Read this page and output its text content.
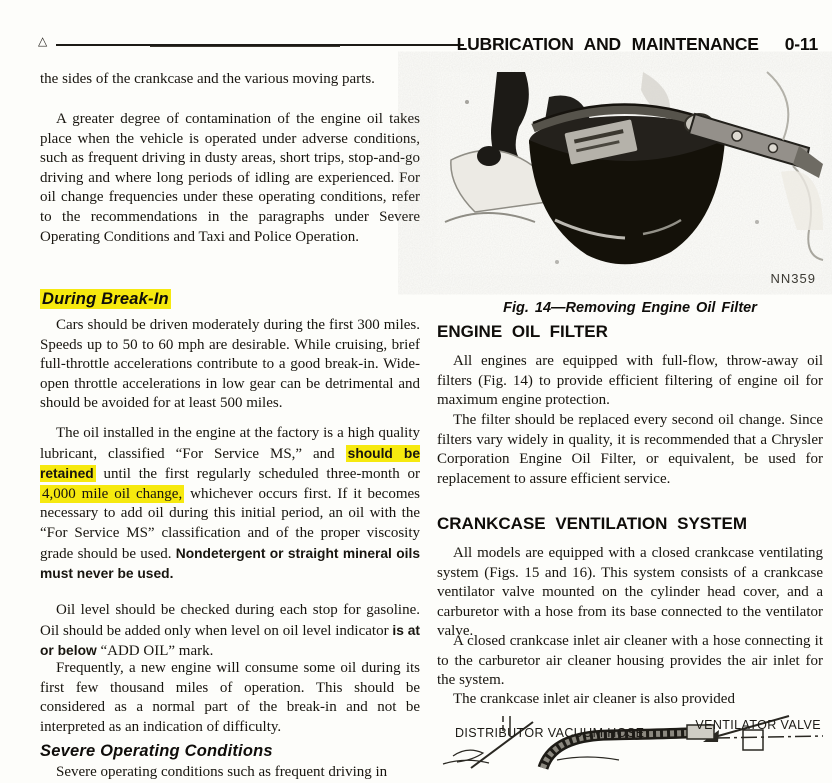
△	LUBRICATION AND MAINTENANCE 0-11
the sides of the crankcase and the various moving parts.
A greater degree of contamination of the engine oil takes place when the vehicle is operated under adverse conditions, such as frequent driving in dusty areas, short trips, stop-and-go driving and where long periods of idling are experienced. For oil change frequencies under these operating conditions, refer to the recommendations in the paragraphs under Severe Operating Conditions and Taxi and Police Operation.
During Break-In
Cars should be driven moderately during the first 300 miles. Speeds up to 50 to 60 mph are desirable. While cruising, brief full-throttle accelerations contribute to a good break-in. Wide-open throttle accelerations in low gear can be detrimental and should be avoided for at least 500 miles.
The oil installed in the engine at the factory is a high quality lubricant, classified “For Service MS,” and should be retained until the first regularly scheduled three-month or 4,000 mile oil change, whichever occurs first. If it becomes necessary to add oil during this initial period, an oil with the “For Service MS” classification and of the proper viscosity grade should be used. Nondetergent or straight mineral oils must never be used.
Oil level should be checked during each stop for gasoline. Oil should be added only when level on oil level indicator is at or below “ADD OIL” mark.
Frequently, a new engine will consume some oil during its first few thousand miles of operation. This should be considered as a normal part of the break-in and not be interpreted as an indication of difficulty.
Severe Operating Conditions
Severe operating conditions such as frequent driving in
NN359
Fig. 14—Removing Engine Oil Filter
ENGINE OIL FILTER
All engines are equipped with full-flow, throw-away oil filters (Fig. 14) to provide efficient filtering of engine oil for maximum engine protection.
The filter should be replaced every second oil change. Since filters vary widely in quality, it is recommended that a Chrysler Corporation Engine Oil Filter, or equivalent, be used for replacement to assure efficient service.
CRANKCASE VENTILATION SYSTEM
All models are equipped with a closed crankcase ventilating system (Figs. 15 and 16). This system consists of a crankcase ventilator valve mounted on the cylinder head cover, and a carburetor with a hose from its base connected to the ventilator valve.
A closed crankcase inlet air cleaner with a hose connecting it to the carburetor air cleaner housing provides the air inlet for the system.
The crankcase inlet air cleaner is also provided
DISTRIBUTOR VACUUM HOSE
VENTILATOR VALVE
